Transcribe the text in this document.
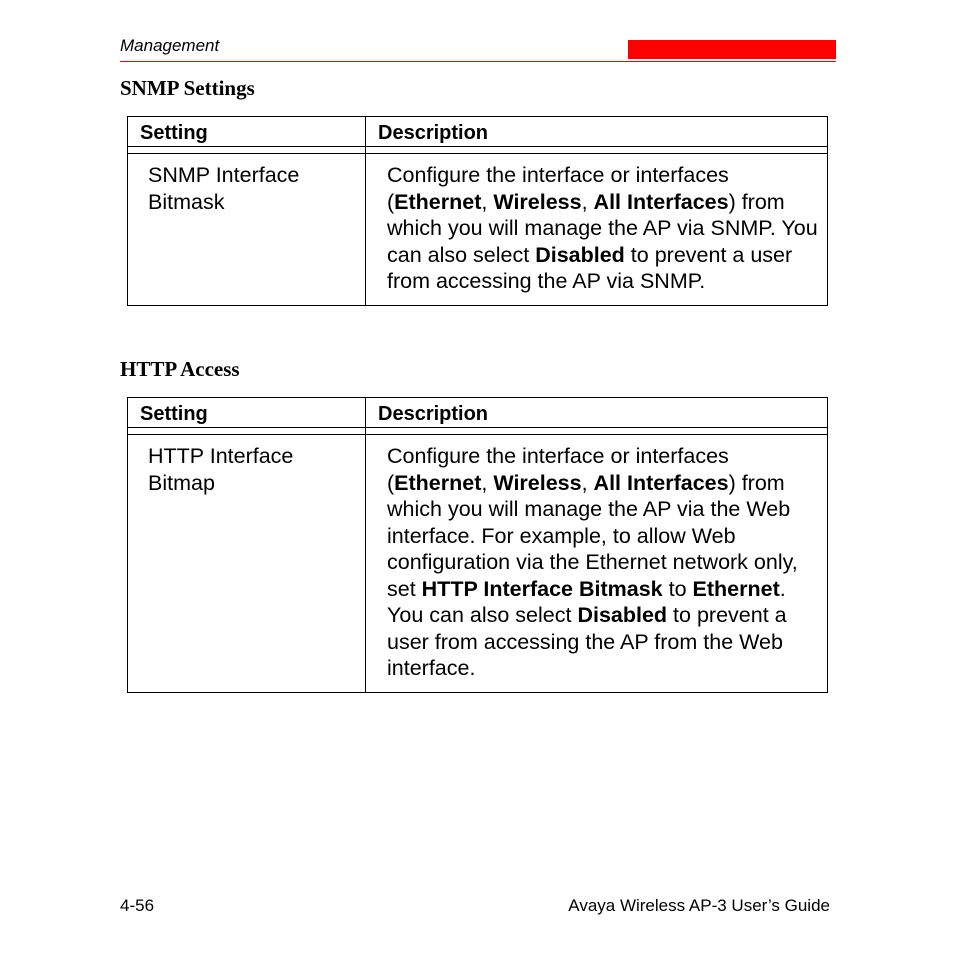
Management
SNMP Settings
Setting	Description

SNMP Interface
Bitmask	Configure the interface or interfaces (Ethernet, Wireless, All Interfaces) from which you will manage the AP via SNMP. You can also select Disabled to prevent a user from accessing the AP via SNMP.
HTTP Access
Setting	Description

HTTP Interface
Bitmap	Configure the interface or interfaces (Ethernet, Wireless, All Interfaces) from which you will manage the AP via the Web interface. For example, to allow Web configuration via the Ethernet network only, set HTTP Interface Bitmask to Ethernet. You can also select Disabled to prevent a user from accessing the AP from the Web interface.
4-56	Avaya Wireless AP-3 User’s Guide
